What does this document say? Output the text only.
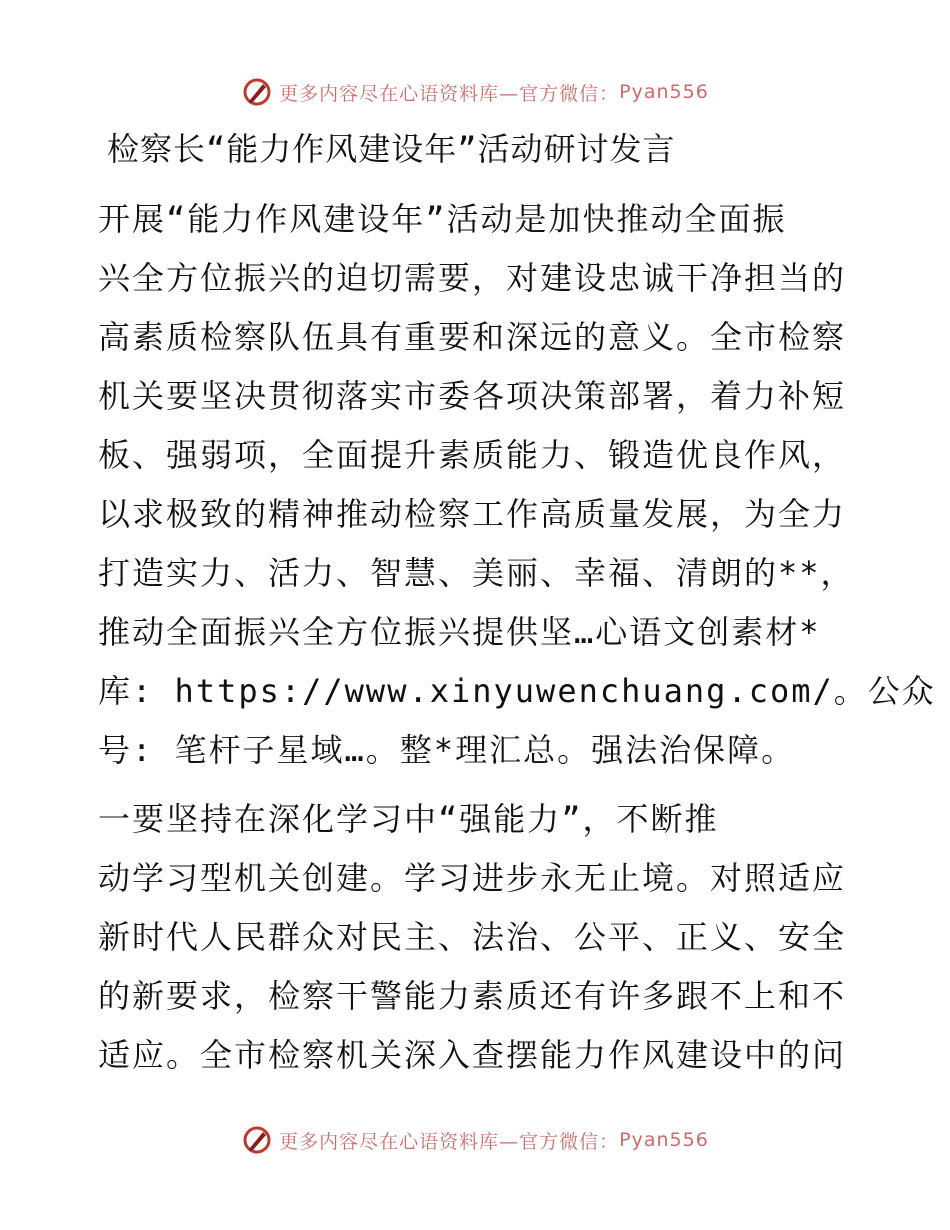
更多内容尽在心语资料库—官方微信： Pyan556
检察长“能力作风建设年”活动研讨发言
开展“能力作风建设年”活动是加快推动全面振
兴全方位振兴的迫切需要，对建设忠诚干净担当的
高素质检察队伍具有重要和深远的意义。全市检察
机关要坚决贯彻落实市委各项决策部署，着力补短
板、强弱项，全面提升素质能力、锻造优良作风，
以求极致的精神推动检察工作高质量发展，为全力
打造实力、活力、智慧、美丽、幸福、清朗的**，
推动全面振兴全方位振兴提供坚…心语文创素材*
库: https://www.xinyuwenchuang.com/。公众
号: 笔杆子星域…。整*理汇总。强法治保障。
一要坚持在深化学习中“强能力”，不断推
动学习型机关创建。学习进步永无止境。对照适应
新时代人民群众对民主、法治、公平、正义、安全
的新要求，检察干警能力素质还有许多跟不上和不
适应。全市检察机关深入查摆能力作风建设中的问
更多内容尽在心语资料库—官方微信： Pyan556
